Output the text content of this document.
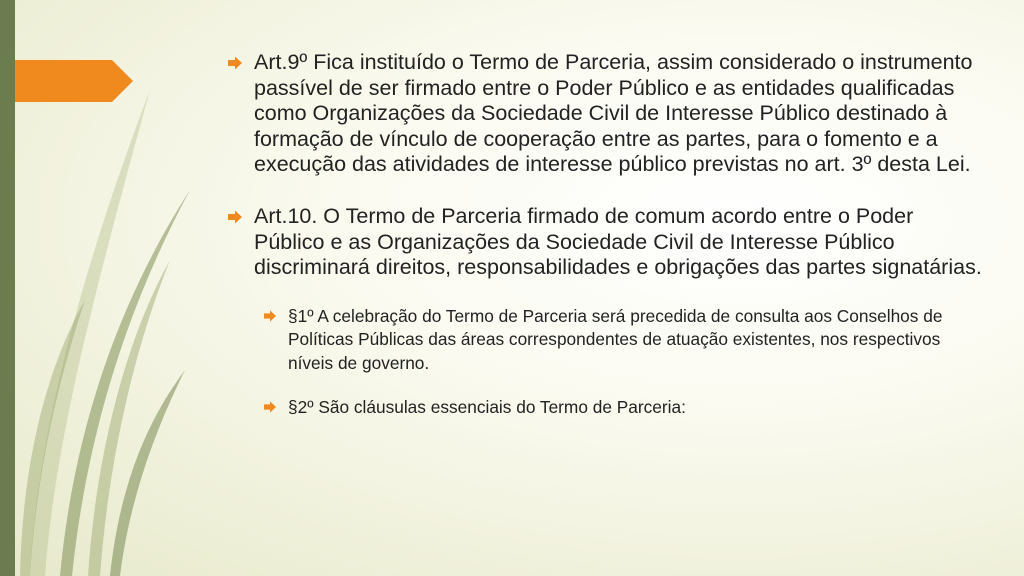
Art.9º Fica instituído o Termo de Parceria, assim considerado o instrumento passível de ser firmado entre o Poder Público e as entidades qualificadas como Organizações da Sociedade Civil de Interesse Público destinado à formação de vínculo de cooperação entre as partes, para o fomento e a execução das atividades de interesse público previstas no art. 3º desta Lei.
Art.10. O Termo de Parceria firmado de comum acordo entre o Poder Público e as Organizações da Sociedade Civil de Interesse Público discriminará direitos, responsabilidades e obrigações das partes signatárias.
§1º A celebração do Termo de Parceria será precedida de consulta aos Conselhos de Políticas Públicas das áreas correspondentes de atuação existentes, nos respectivos níveis de governo.
§2º São cláusulas essenciais do Termo de Parceria:
